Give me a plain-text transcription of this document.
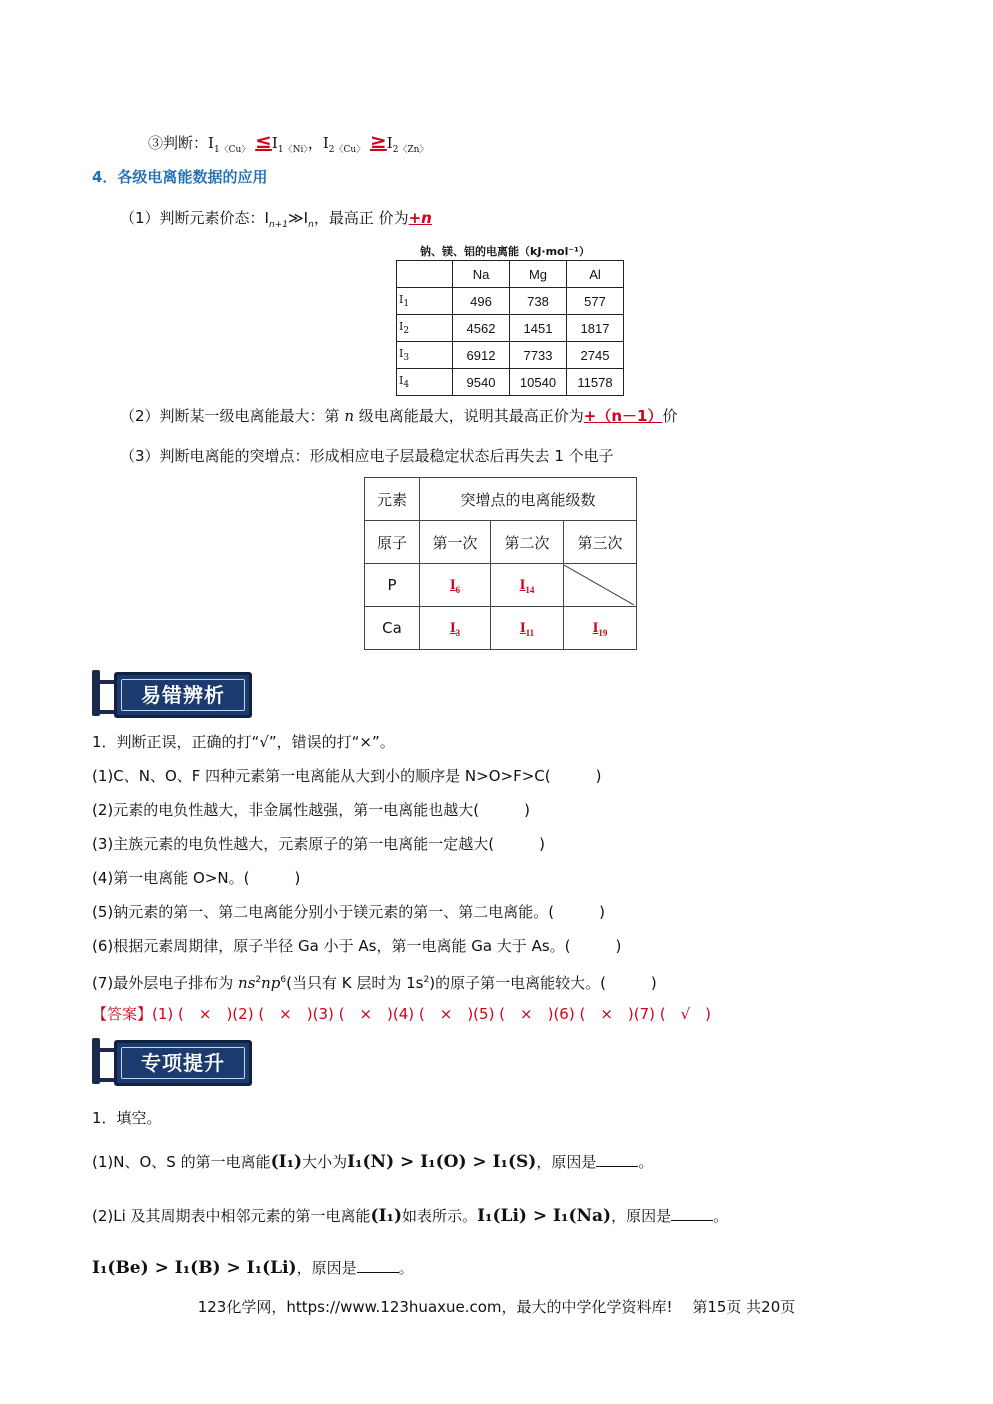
③判断：$I_{1〈Cu〉} \le I_{1〈Ni〉}$，$I_{2〈Cu〉} \ge I_{2〈Zn〉}$
4．各级电离能数据的应用
（1）判断元素价态：$I_{n+1}≫I_n$，最高正 价为+n
钠、镁、铝的电离能（kJ·mol⁻¹）
	Na	Mg	Al
$I_1$	496	738	577
$I_2$	4562	1451	1817
$I_3$	6912	7733	2745
$I_4$	9540	10540	11578
（2）判断某一级电离能最大：第 n 级电离能最大，说明其最高正价为+（n－1）价
（3）判断电离能的突增点：形成相应电子层最稳定状态后再失去 1 个电子
元素	突增点的电离能级数		
原子	第一次	第二次	第三次
P	$I_6$	$I_{14}$	

Ca	$I_3$	$I_{11}$	$I_{19}$
易错辨析
1．判断正误，正确的打“√”，错误的打“×”。
(1)C、N、O、F 四种元素第一电离能从大到小的顺序是 N>O>F>C(　　　)
(2)元素的电负性越大，非金属性越强，第一电离能也越大(　　　)
(3)主族元素的电负性越大，元素原子的第一电离能一定越大(　　　)
(4)第一电离能 O>N。(　　　)
(5)钠元素的第一、第二电离能分别小于镁元素的第一、第二电离能。(　　　)
(6)根据元素周期律，原子半径 Ga 小于 As，第一电离能 Ga 大于 As。(　　　)
(7)最外层电子排布为 $ns^2np^6$(当只有 K 层时为 $1s^2$)的原子第一电离能较大。(　　　)
【答案】(1) (　×　)(2) (　×　)(3) (　×　)(4) (　×　)(5) (　×　)(6) (　×　)(7) (　√　)
专项提升
1．填空。
(1)N、O、S 的第一电离能(I₁)大小为I₁(N) > I₁(O) > I₁(S)，原因是	。
(2)Li 及其周期表中相邻元素的第一电离能(I₁)如表所示。I₁(Li) > I₁(Na)，原因是	。
I₁(Be) > I₁(B) > I₁(Li)，原因是	。
123化学网，https://www.123huaxue.com，最大的中学化学资料库!　 第15页 共20页
